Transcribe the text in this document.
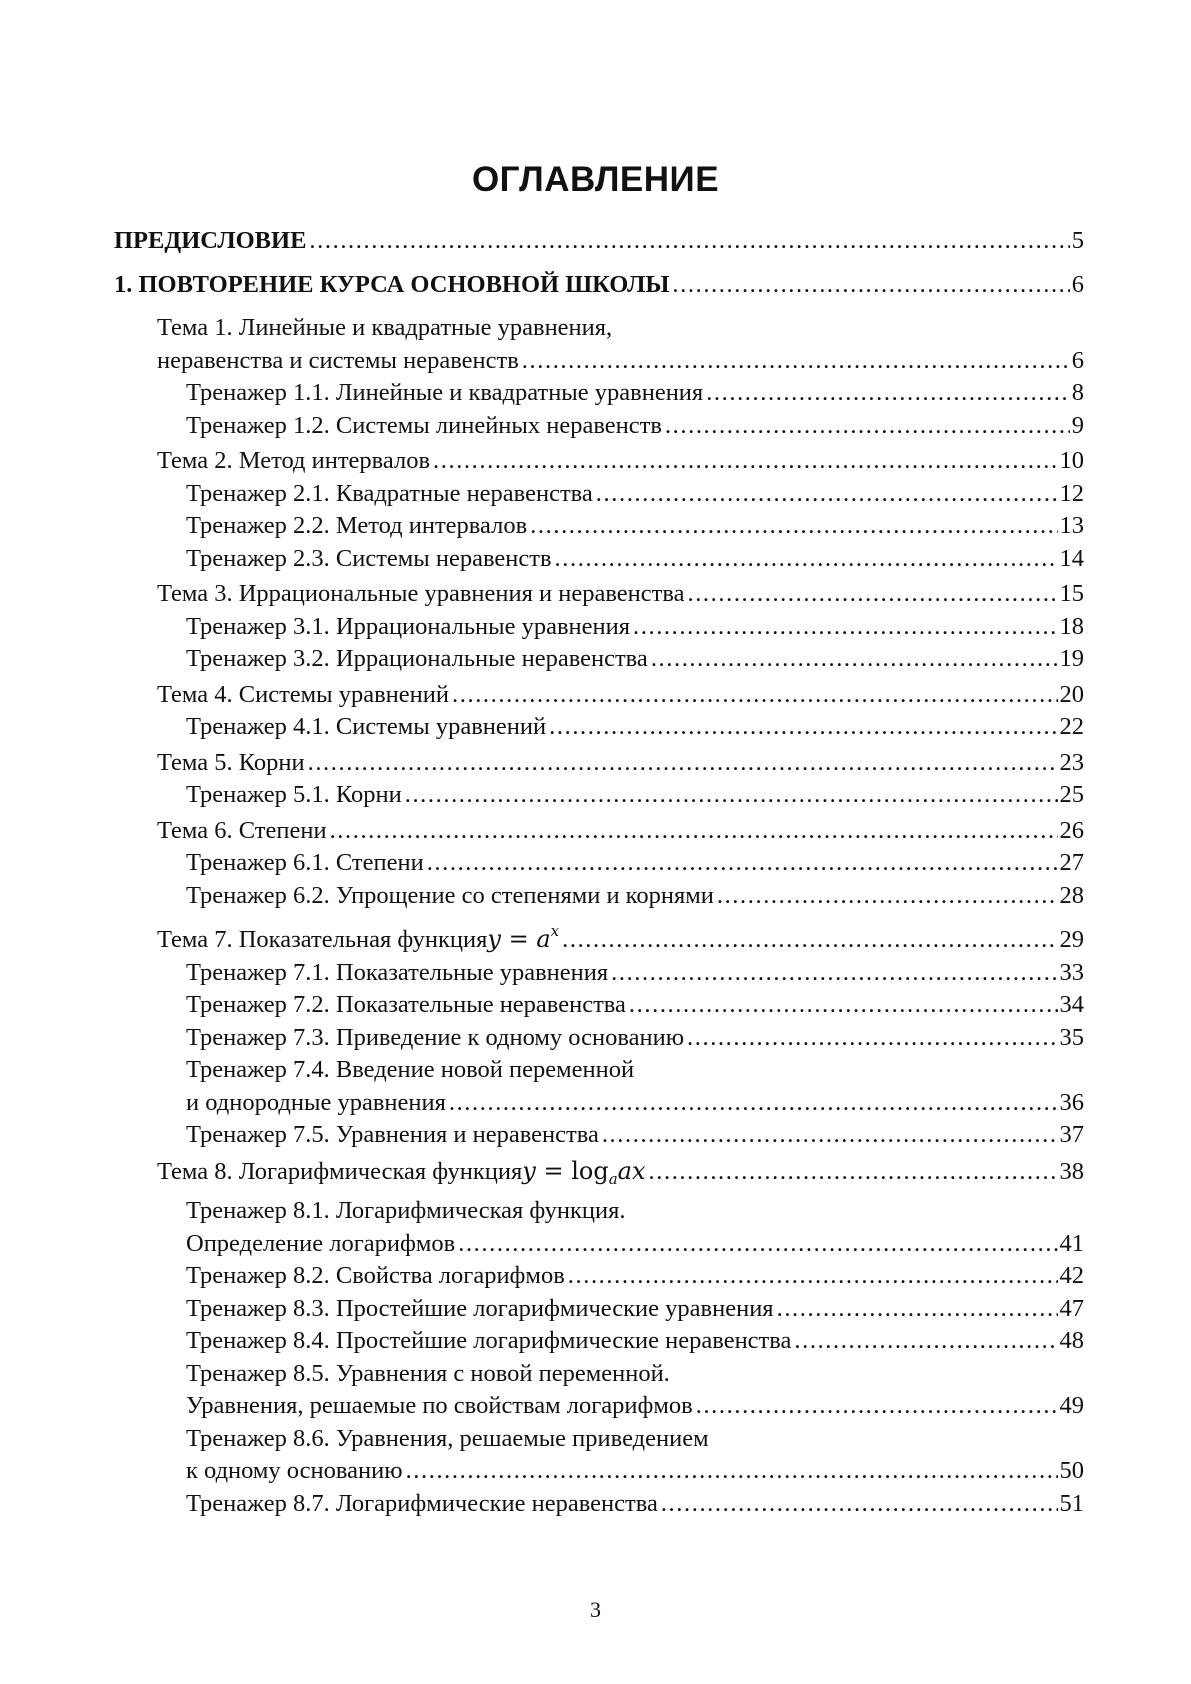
ОГЛАВЛЕНИЕ
ПРЕДИСЛОВИЕ .....	5
1. ПОВТОРЕНИЕ КУРСА ОСНОВНОЙ ШКОЛЫ .....	6
Тема 1. Линейные и квадратные уравнения,
неравенства и системы неравенств .....	6
Тренажер 1.1. Линейные и квадратные уравнения .....	8
Тренажер 1.2. Системы линейных неравенств .....	9
Тема 2. Метод интервалов .....	10
Тренажер 2.1. Квадратные неравенства .....	12
Тренажер 2.2. Метод интервалов .....	13
Тренажер 2.3. Системы неравенств .....	14
Тема 3. Иррациональные уравнения и неравенства .....	15
Тренажер 3.1. Иррациональные уравнения .....	18
Тренажер 3.2. Иррациональные неравенства .....	19
Тема 4. Системы уравнений .....	20
Тренажер 4.1. Системы уравнений .....	22
Тема 5. Корни .....	23
Тренажер 5.1. Корни .....	25
Тема 6. Степени .....	26
Тренажер 6.1. Степени .....	27
Тренажер 6.2. Упрощение со степенями и корнями .....	28
Тема 7. Показательная функция $y = a^x$ .....	29
Тренажер 7.1. Показательные уравнения .....	33
Тренажер 7.2. Показательные неравенства .....	34
Тренажер 7.3. Приведение к одному основанию .....	35
Тренажер 7.4. Введение новой переменной
и однородные уравнения .....	36
Тренажер 7.5. Уравнения и неравенства .....	37
Тема 8. Логарифмическая функция $y = \log_aax$ .....	38
Тренажер 8.1. Логарифмическая функция.
Определение логарифмов .....	41
Тренажер 8.2. Свойства логарифмов .....	42
Тренажер 8.3. Простейшие логарифмические уравнения .....	47
Тренажер 8.4. Простейшие логарифмические неравенства .....	48
Тренажер 8.5. Уравнения с новой переменной.
Уравнения, решаемые по свойствам логарифмов .....	49
Тренажер 8.6. Уравнения, решаемые приведением
к одному основанию .....	50
Тренажер 8.7. Логарифмические неравенства .....	51
3
